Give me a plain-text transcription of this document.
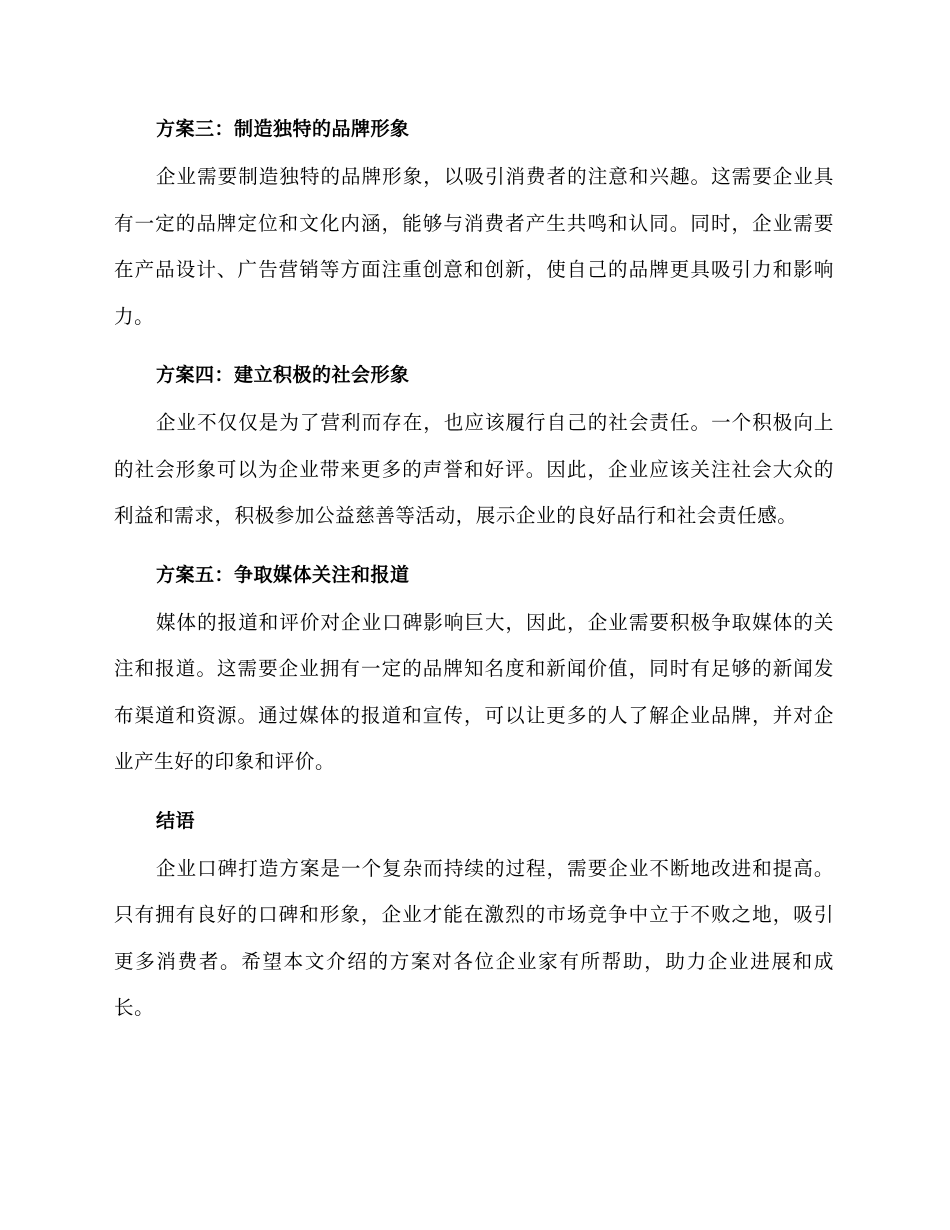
方案三：制造独特的品牌形象

企业需要制造独特的品牌形象，以吸引消费者的注意和兴趣。这需要企业具有一定的品牌定位和文化内涵，能够与消费者产生共鸣和认同。同时，企业需要在产品设计、广告营销等方面注重创意和创新，使自己的品牌更具吸引力和影响力。

方案四：建立积极的社会形象

企业不仅仅是为了营利而存在，也应该履行自己的社会责任。一个积极向上的社会形象可以为企业带来更多的声誉和好评。因此，企业应该关注社会大众的利益和需求，积极参加公益慈善等活动，展示企业的良好品行和社会责任感。

方案五：争取媒体关注和报道

媒体的报道和评价对企业口碑影响巨大，因此，企业需要积极争取媒体的关注和报道。这需要企业拥有一定的品牌知名度和新闻价值，同时有足够的新闻发布渠道和资源。通过媒体的报道和宣传，可以让更多的人了解企业品牌，并对企业产生好的印象和评价。

结语

企业口碑打造方案是一个复杂而持续的过程，需要企业不断地改进和提高。只有拥有良好的口碑和形象，企业才能在激烈的市场竞争中立于不败之地，吸引更多消费者。希望本文介绍的方案对各位企业家有所帮助，助力企业进展和成长。
